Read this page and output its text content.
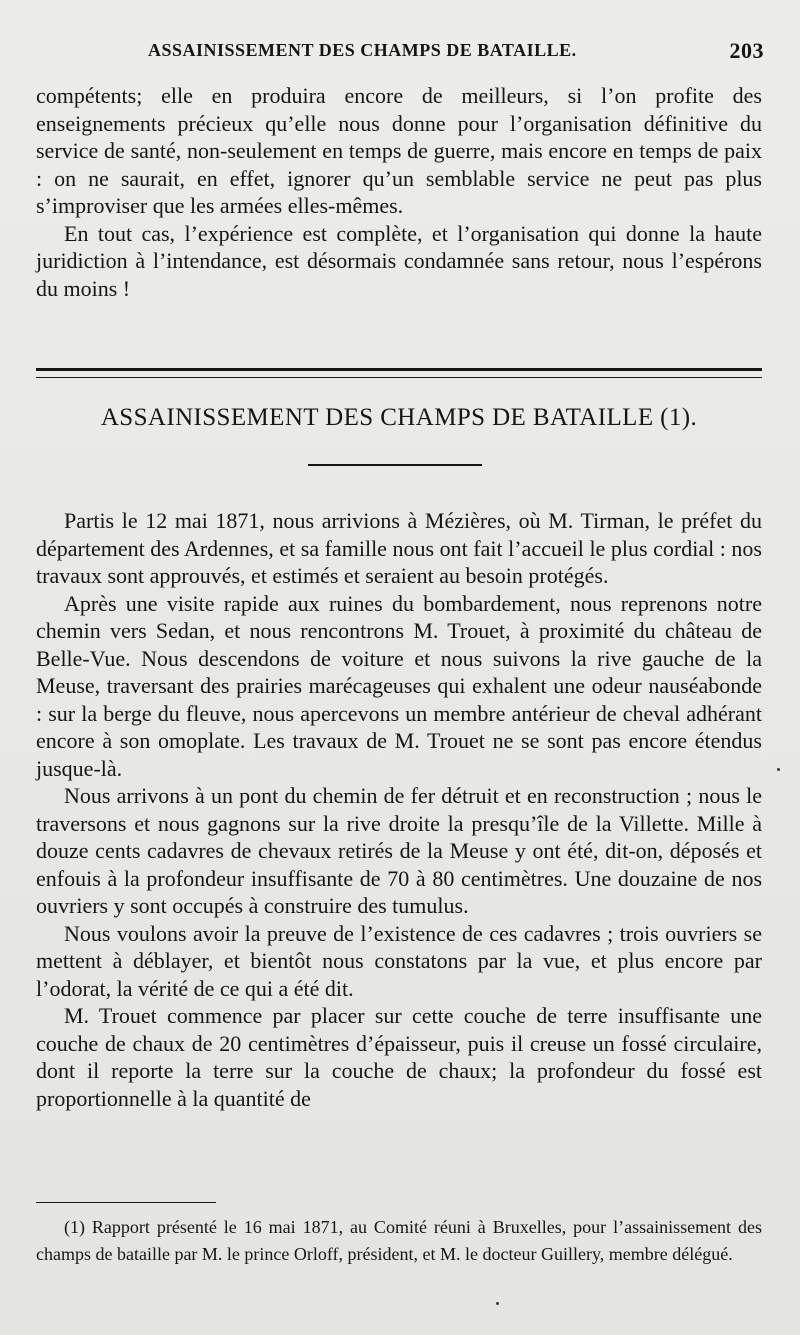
ASSAINISSEMENT DES CHAMPS DE BATAILLE.	203

compétents; elle en produira encore de meilleurs, si l’on profite des enseignements précieux qu’elle nous donne pour l’organisation définitive du service de santé, non-seulement en temps de guerre, mais encore en temps de paix : on ne saurait, en effet, ignorer qu’un semblable service ne peut pas plus s’improviser que les armées elles-mêmes.

En tout cas, l’expérience est complète, et l’organisation qui donne la haute juridiction à l’intendance, est désormais condamnée sans retour, nous l’espérons du moins !

ASSAINISSEMENT DES CHAMPS DE BATAILLE (1).

Partis le 12 mai 1871, nous arrivions à Mézières, où M. Tirman, le préfet du département des Ardennes, et sa famille nous ont fait l’accueil le plus cordial : nos travaux sont approuvés, et estimés et seraient au besoin protégés.

Après une visite rapide aux ruines du bombardement, nous reprenons notre chemin vers Sedan, et nous rencontrons M. Trouet, à proximité du château de Belle-Vue. Nous descendons de voiture et nous suivons la rive gauche de la Meuse, traversant des prairies marécageuses qui exhalent une odeur nauséabonde : sur la berge du fleuve, nous apercevons un membre antérieur de cheval adhérant encore à son omoplate. Les travaux de M. Trouet ne se sont pas encore étendus jusque-là.

Nous arrivons à un pont du chemin de fer détruit et en reconstruction ; nous le traversons et nous gagnons sur la rive droite la presqu’île de la Villette. Mille à douze cents cadavres de chevaux retirés de la Meuse y ont été, dit-on, déposés et enfouis à la profondeur insuffisante de 70 à 80 centimètres. Une douzaine de nos ouvriers y sont occupés à construire des tumulus.

Nous voulons avoir la preuve de l’existence de ces cadavres ; trois ouvriers se mettent à déblayer, et bientôt nous constatons par la vue, et plus encore par l’odorat, la vérité de ce qui a été dit.

M. Trouet commence par placer sur cette couche de terre insuffisante une couche de chaux de 20 centimètres d’épaisseur, puis il creuse un fossé circulaire, dont il reporte la terre sur la couche de chaux; la profondeur du fossé est proportionnelle à la quantité de

(1) Rapport présenté le 16 mai 1871, au Comité réuni à Bruxelles, pour l’assainissement des champs de bataille par M. le prince Orloff, président, et M. le docteur Guillery, membre délégué.
